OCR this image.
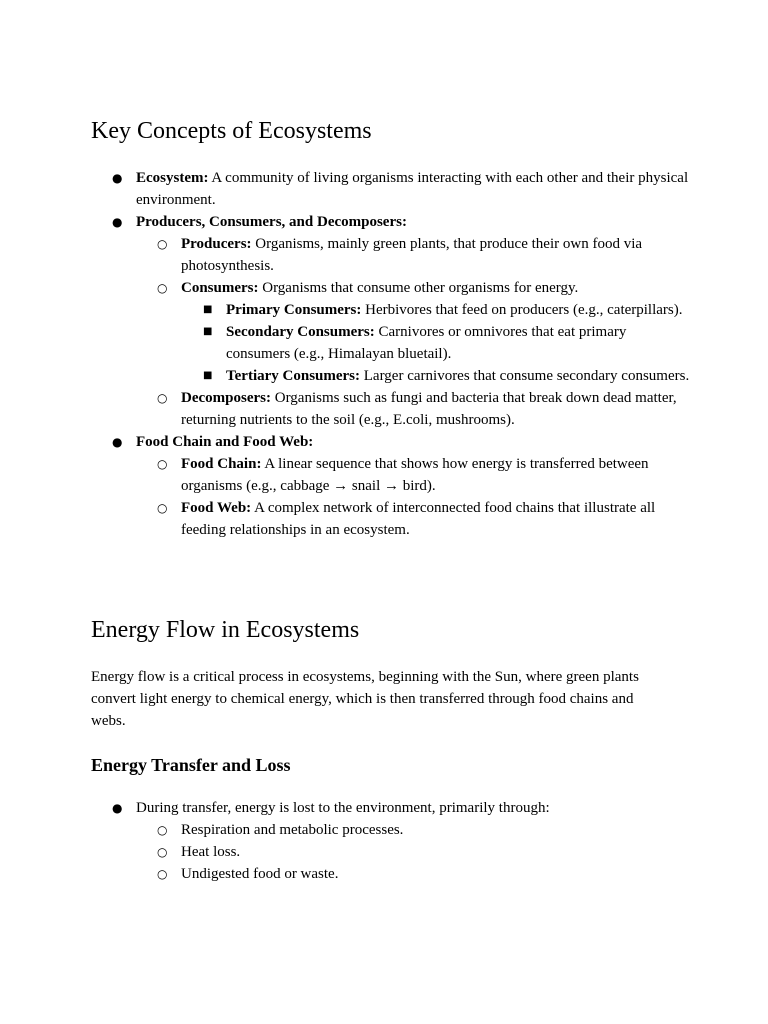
Key Concepts of Ecosystems
● Ecosystem: A community of living organisms interacting with each other and their physical environment.
● Producers, Consumers, and Decomposers:
○ Producers: Organisms, mainly green plants, that produce their own food via photosynthesis.
○ Consumers: Organisms that consume other organisms for energy.
■ Primary Consumers: Herbivores that feed on producers (e.g., caterpillars).
■ Secondary Consumers: Carnivores or omnivores that eat primary consumers (e.g., Himalayan bluetail).
■ Tertiary Consumers: Larger carnivores that consume secondary consumers.
○ Decomposers: Organisms such as fungi and bacteria that break down dead matter, returning nutrients to the soil (e.g., E.coli, mushrooms).
● Food Chain and Food Web:
○ Food Chain: A linear sequence that shows how energy is transferred between organisms (e.g., cabbage → snail → bird).
○ Food Web: A complex network of interconnected food chains that illustrate all feeding relationships in an ecosystem.
Energy Flow in Ecosystems

Energy flow is a critical process in ecosystems, beginning with the Sun, where green plants convert light energy to chemical energy, which is then transferred through food chains and webs.

Energy Transfer and Loss
● During transfer, energy is lost to the environment, primarily through:
○ Respiration and metabolic processes.
○ Heat loss.
○ Undigested food or waste.
